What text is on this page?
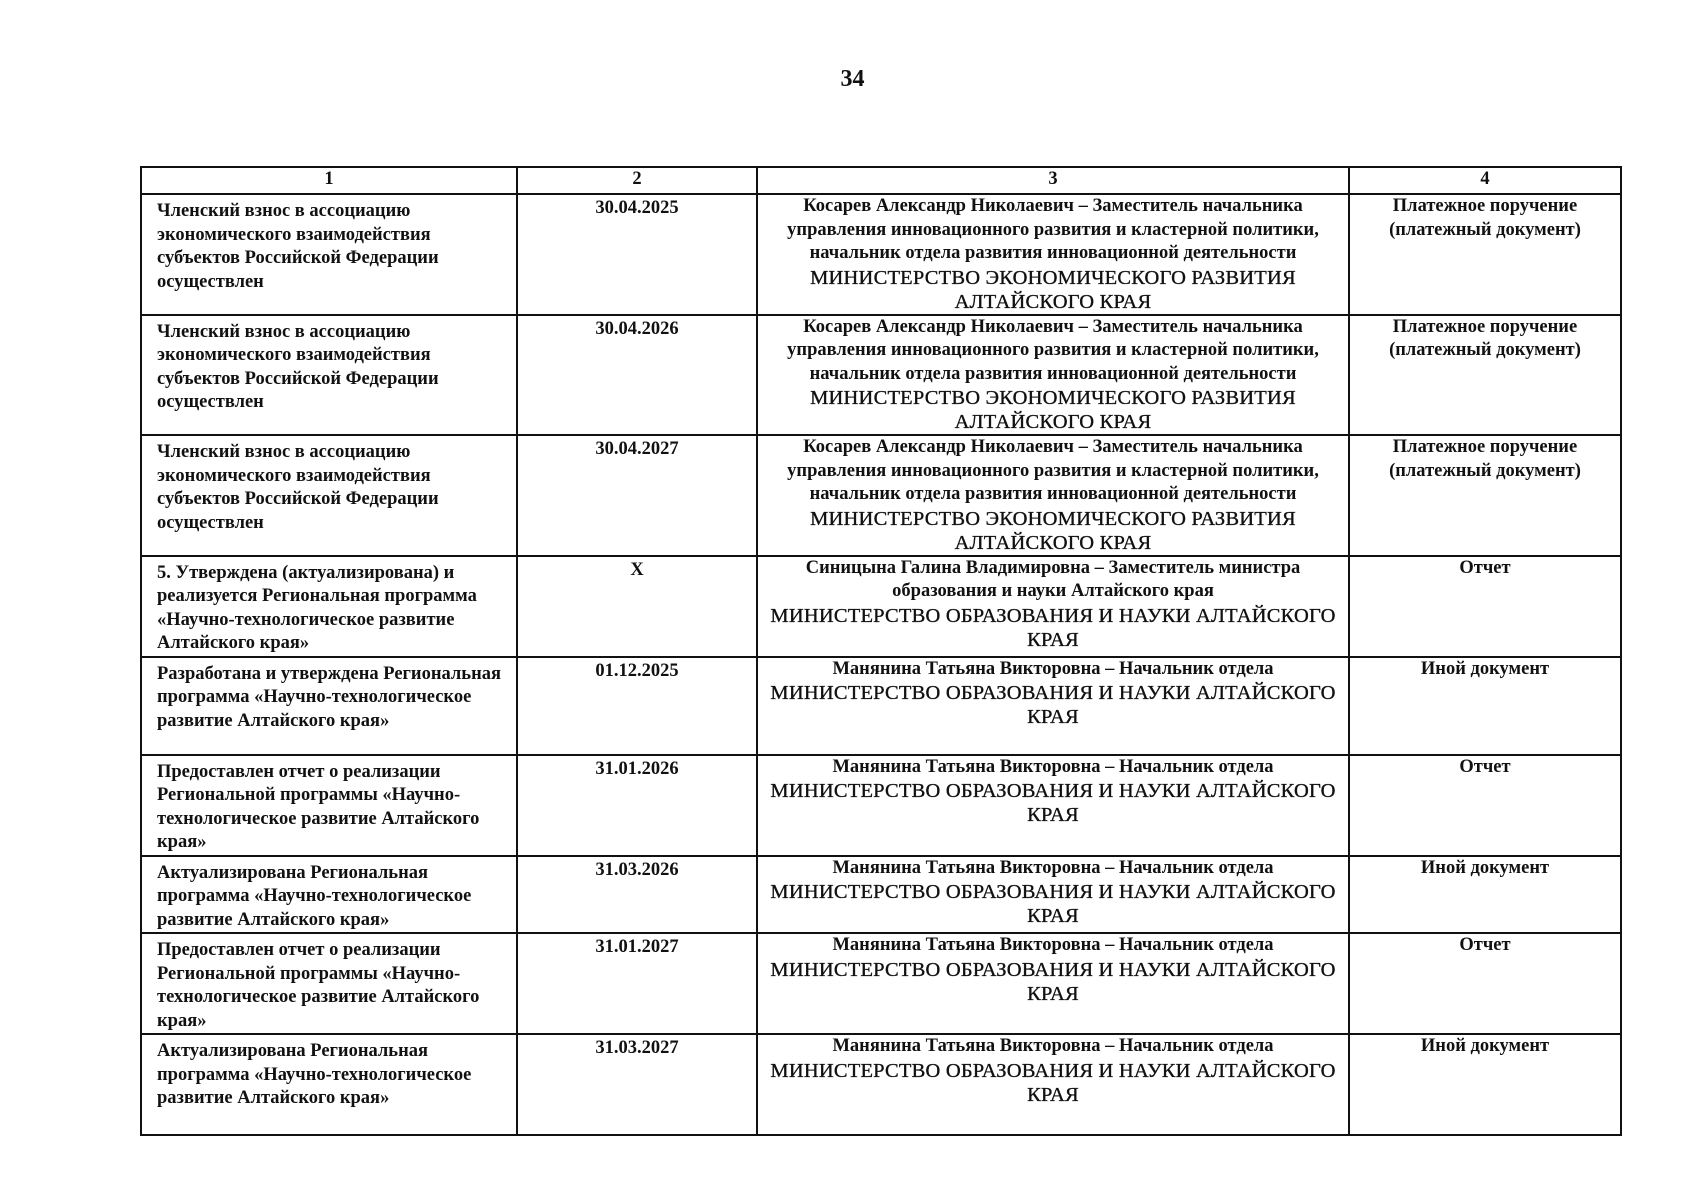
34
1	2	3	4
Членский взнос в ассоциацию экономического взаимодействия субъектов Российской Федерации осуществлен	30.04.2025	Косарев Александр Николаевич – Заместитель начальника управления инновационного развития и кластерной политики, начальник отдела развития инновационной деятельности
МИНИСТЕРСТВО ЭКОНОМИЧЕСКОГО РАЗВИТИЯ АЛТАЙСКОГО КРАЯ	Платежное поручение (платежный документ)

Членский взнос в ассоциацию экономического взаимодействия субъектов Российской Федерации осуществлен	30.04.2026	Косарев Александр Николаевич – Заместитель начальника управления инновационного развития и кластерной политики, начальник отдела развития инновационной деятельности
МИНИСТЕРСТВО ЭКОНОМИЧЕСКОГО РАЗВИТИЯ АЛТАЙСКОГО КРАЯ	Платежное поручение (платежный документ)

Членский взнос в ассоциацию экономического взаимодействия субъектов Российской Федерации осуществлен	30.04.2027	Косарев Александр Николаевич – Заместитель начальника управления инновационного развития и кластерной политики, начальник отдела развития инновационной деятельности
МИНИСТЕРСТВО ЭКОНОМИЧЕСКОГО РАЗВИТИЯ АЛТАЙСКОГО КРАЯ	Платежное поручение (платежный документ)

5. Утверждена (актуализирована) и реализуется Региональная программа «Научно-технологическое развитие Алтайского края»	X	Синицына Галина Владимировна – Заместитель министра образования и науки Алтайского края
МИНИСТЕРСТВО ОБРАЗОВАНИЯ И НАУКИ АЛТАЙСКОГО КРАЯ	Отчет

Разработана и утверждена Региональная программа «Научно-технологическое развитие Алтайского края»	01.12.2025	Манянина Татьяна Викторовна – Начальник отдела
МИНИСТЕРСТВО ОБРАЗОВАНИЯ И НАУКИ АЛТАЙСКОГО КРАЯ	Иной документ

Предоставлен отчет о реализации Региональной программы «Научно-технологическое развитие Алтайского края»	31.01.2026	Манянина Татьяна Викторовна – Начальник отдела
МИНИСТЕРСТВО ОБРАЗОВАНИЯ И НАУКИ АЛТАЙСКОГО КРАЯ	Отчет

Актуализирована Региональная программа «Научно-технологическое развитие Алтайского края»	31.03.2026	Манянина Татьяна Викторовна – Начальник отдела
МИНИСТЕРСТВО ОБРАЗОВАНИЯ И НАУКИ АЛТАЙСКОГО КРАЯ	Иной документ

Предоставлен отчет о реализации Региональной программы «Научно-технологическое развитие Алтайского края»	31.01.2027	Манянина Татьяна Викторовна – Начальник отдела
МИНИСТЕРСТВО ОБРАЗОВАНИЯ И НАУКИ АЛТАЙСКОГО КРАЯ	Отчет

Актуализирована Региональная программа «Научно-технологическое развитие Алтайского края»	31.03.2027	Манянина Татьяна Викторовна – Начальник отдела
МИНИСТЕРСТВО ОБРАЗОВАНИЯ И НАУКИ АЛТАЙСКОГО КРАЯ	Иной документ
